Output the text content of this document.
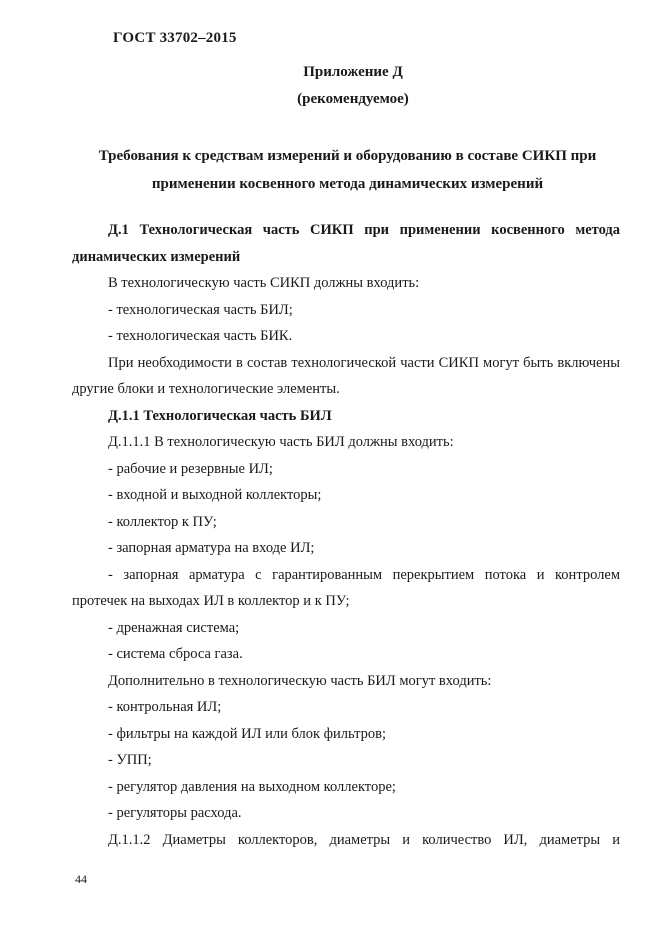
ГОСТ 33702–2015
Приложение Д
(рекомендуемое)
Требования к средствам измерений и оборудованию в составе СИКП при применении косвенного метода динамических измерений

Д.1 Технологическая часть СИКП при применении косвенного метода динамических измерений

В технологическую часть СИКП должны входить:

- технологическая часть БИЛ;

- технологическая часть БИК.

При необходимости в состав технологической части СИКП могут быть включены другие блоки и технологические элементы.

Д.1.1 Технологическая часть БИЛ

Д.1.1.1 В технологическую часть БИЛ должны входить:

- рабочие и резервные ИЛ;

- входной и выходной коллекторы;

- коллектор к ПУ;

- запорная арматура на входе ИЛ;

- запорная арматура с гарантированным перекрытием потока и контролем протечек на выходах ИЛ в коллектор и к ПУ;

- дренажная система;

- система сброса газа.

Дополнительно в технологическую часть БИЛ могут входить:

- контрольная ИЛ;

- фильтры на каждой ИЛ или блок фильтров;

- УПП;

- регулятор давления на выходном коллекторе;

- регуляторы расхода.

Д.1.1.2 Диаметры коллекторов, диаметры и количество ИЛ, диаметры и

44
